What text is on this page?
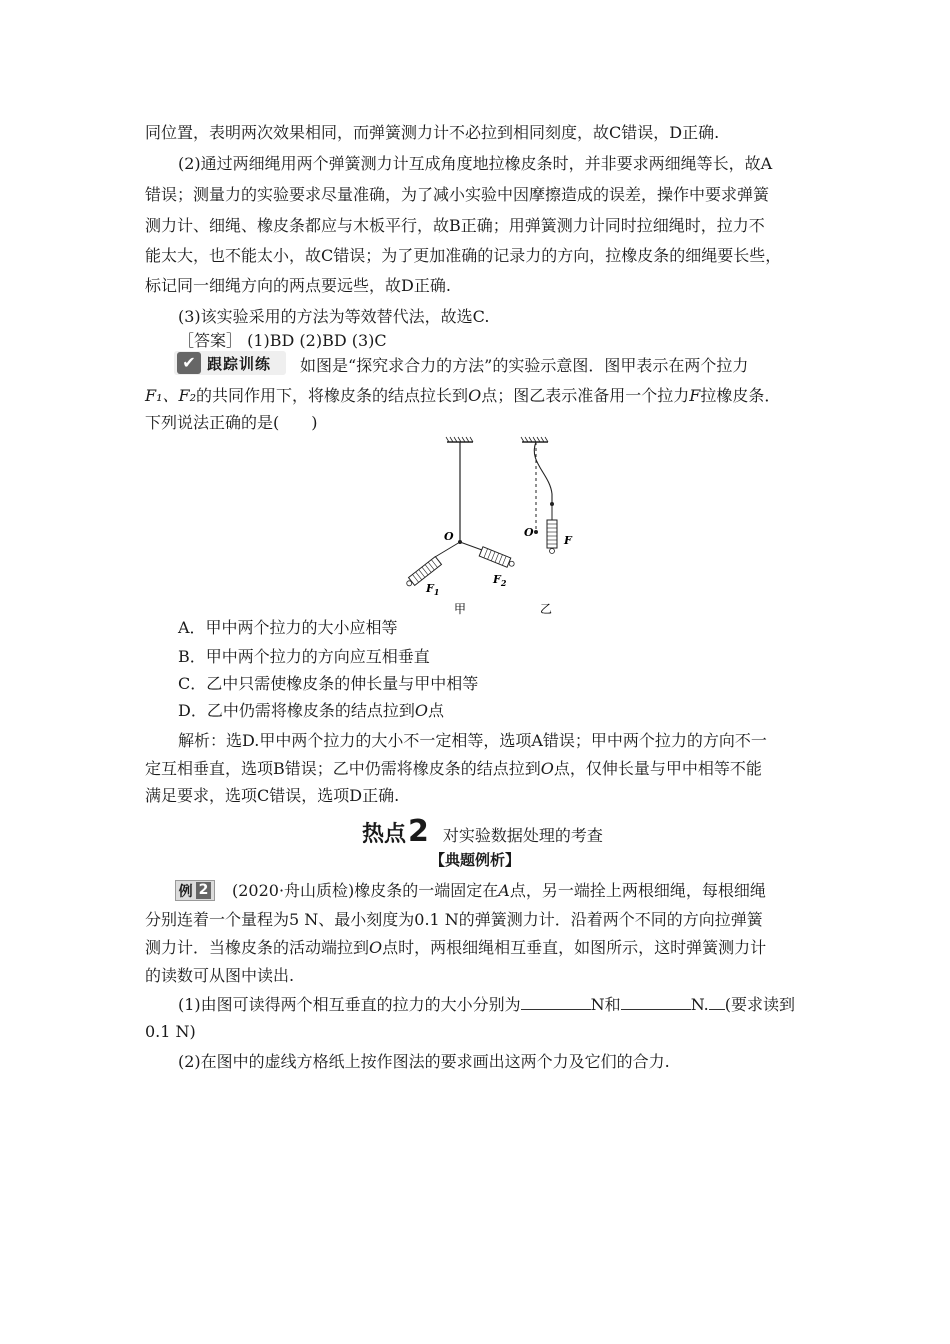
同位置，表明两次效果相同，而弹簧测力计不必拉到相同刻度，故C错误，D正确.
(2)通过两细绳用两个弹簧测力计互成角度地拉橡皮条时，并非要求两细绳等长，故A
错误；测量力的实验要求尽量准确，为了减小实验中因摩擦造成的误差，操作中要求弹簧
测力计、细绳、橡皮条都应与木板平行，故B正确；用弹簧测力计同时拉细绳时，拉力不
能太大，也不能太小，故C错误；为了更加准确的记录力的方向，拉橡皮条的细绳要长些，
标记同一细绳方向的两点要远些，故D正确.
(3)该实验采用的方法为等效替代法，故选C.
［答案］ (1)BD (2)BD (3)C
✔ 跟踪训练 如图是“探究求合力的方法”的实验示意图．图甲表示在两个拉力
F₁、F₂的共同作用下，将橡皮条的结点拉长到O点；图乙表示准备用一个拉力F拉橡皮条．
下列说法正确的是(　　)
O
$F_1$
$F_2$
O
F
甲	乙
A．甲中两个拉力的大小应相等
B．甲中两个拉力的方向应互相垂直
C．乙中只需使橡皮条的伸长量与甲中相等
D．乙中仍需将橡皮条的结点拉到O点
解析：选D.甲中两个拉力的大小不一定相等，选项A错误；甲中两个拉力的方向不一
定互相垂直，选项B错误；乙中仍需将橡皮条的结点拉到O点，仅伸长量与甲中相等不能
满足要求，选项C错误，选项D正确.
热点 2 对实验数据处理的考查
【典题例析】
例 2 (2020·舟山质检)橡皮条的一端固定在A点，另一端拴上两根细绳，每根细绳
分别连着一个量程为5 N、最小刻度为0.1 N的弹簧测力计．沿着两个不同的方向拉弹簧
测力计．当橡皮条的活动端拉到O点时，两根细绳相互垂直，如图所示，这时弹簧测力计
的读数可从图中读出.
(1)由图可读得两个相互垂直的拉力的大小分别为	N和	N. (要求读到
0.1 N)
(2)在图中的虚线方格纸上按作图法的要求画出这两个力及它们的合力.
